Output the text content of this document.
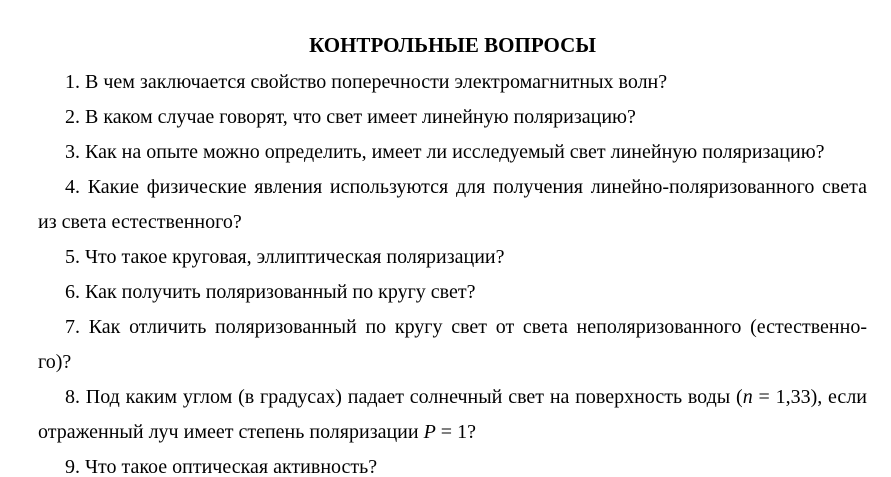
КОНТРОЛЬНЫЕ ВОПРОСЫ
1. В чем заключается свойство поперечности электромагнитных волн?
2. В каком случае говорят, что свет имеет линейную поляризацию?
3. Как на опыте можно определить, имеет ли исследуемый свет линейную поляризацию?
4. Какие физические явления используются для получения линейно-поляризованного света
из света естественного?
5. Что такое круговая, эллиптическая поляризации?
6. Как получить поляризованный по кругу свет?
7. Как отличить поляризованный по кругу свет от света неполяризованного (естественно-
го)?
8. Под каким углом (в градусах) падает солнечный свет на поверхность воды (n = 1,33), если
отраженный луч имеет степень поляризации P = 1?
9. Что такое оптическая активность?
